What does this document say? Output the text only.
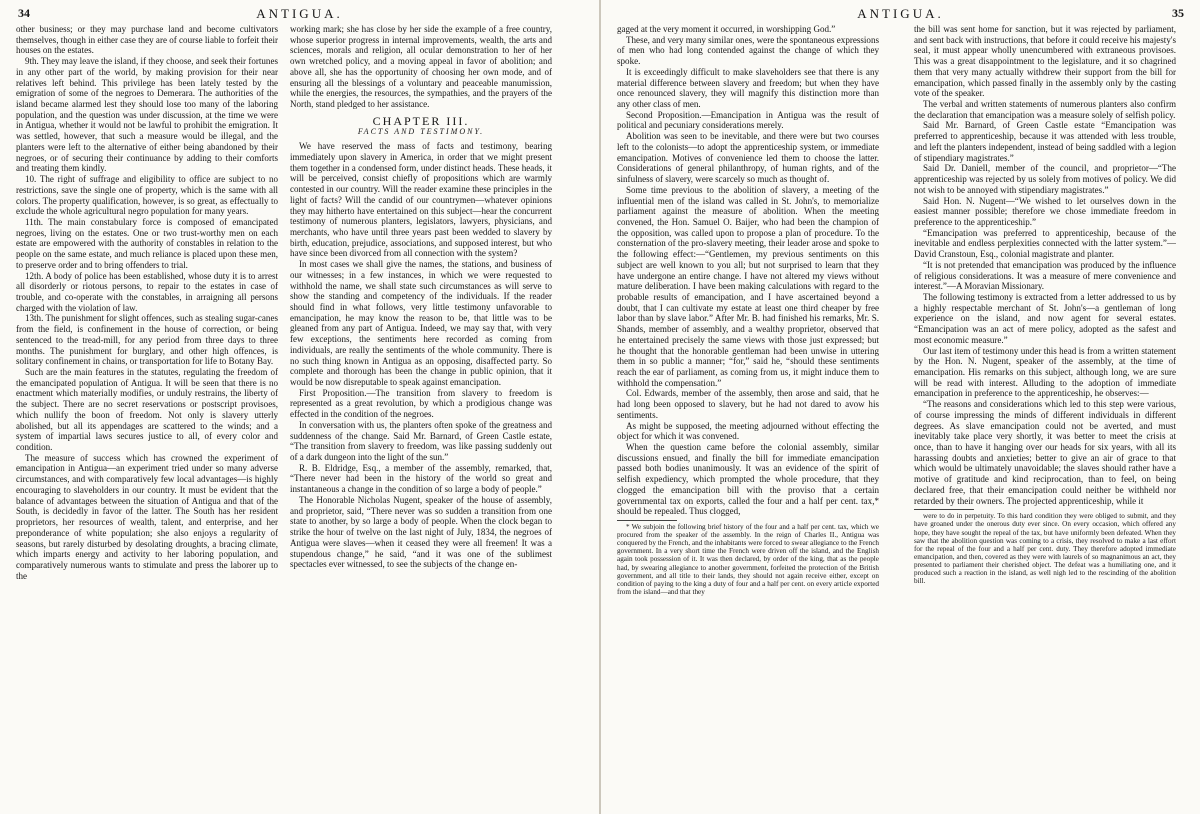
34	ANTIGUA.

other business; or they may purchase land and become cultivators themselves, though in either case they are of course liable to forfeit their houses on the estates.

9th. They may leave the island, if they choose, and seek their fortunes in any other part of the world, by making provision for their near relatives left behind. This privilege has been lately tested by the emigration of some of the negroes to Demerara. The authorities of the island became alarmed lest they should lose too many of the laboring population, and the question was under discussion, at the time we were in Antigua, whether it would not be lawful to prohibit the emigration. It was settled, however, that such a measure would be illegal, and the planters were left to the alternative of either being abandoned by their negroes, or of securing their continuance by adding to their comforts and treating them kindly.

10. The right of suffrage and eligibility to office are subject to no restrictions, save the single one of property, which is the same with all colors. The property qualification, however, is so great, as effectually to exclude the whole agricultural negro population for many years.

11th. The main constabulary force is composed of emancipated negroes, living on the estates. One or two trust-worthy men on each estate are empowered with the authority of constables in relation to the people on the same estate, and much reliance is placed upon these men, to preserve order and to bring offenders to trial.

12th. A body of police has been established, whose duty it is to arrest all disorderly or riotous persons, to repair to the estates in case of trouble, and co-operate with the constables, in arraigning all persons charged with the violation of law.

13th. The punishment for slight offences, such as stealing sugar-canes from the field, is confinement in the house of correction, or being sentenced to the tread-mill, for any period from three days to three months. The punishment for burglary, and other high offences, is solitary confinement in chains, or transportation for life to Botany Bay.

Such are the main features in the statutes, regulating the freedom of the emancipated population of Antigua. It will be seen that there is no enactment which materially modifies, or unduly restrains, the liberty of the subject. There are no secret reservations or postscript provisoes, which nullify the boon of freedom. Not only is slavery utterly abolished, but all its appendages are scattered to the winds; and a system of impartial laws secures justice to all, of every color and condition.

The measure of success which has crowned the experiment of emancipation in Antigua—an experiment tried under so many adverse circumstances, and with comparatively few local advantages—is highly encouraging to slaveholders in our country. It must be evident that the balance of advantages between the situation of Antigua and that of the South, is decidedly in favor of the latter. The South has her resident proprietors, her resources of wealth, talent, and enterprise, and her preponderance of white population; she also enjoys a regularity of seasons, but rarely disturbed by desolating droughts, a bracing climate, which imparts energy and activity to her laboring population, and comparatively numerous wants to stimulate and press the laborer up to the

working mark; she has close by her side the example of a free country, whose superior progress in internal improvements, wealth, the arts and sciences, morals and religion, all ocular demonstration to her of her own wretched policy, and a moving appeal in favor of abolition; and above all, she has the opportunity of choosing her own mode, and of ensuring all the blessings of a voluntary and peaceable manumission, while the energies, the resources, the sympathies, and the prayers of the North, stand pledged to her assistance.

CHAPTER III.
FACTS AND TESTIMONY.

We have reserved the mass of facts and testimony, bearing immediately upon slavery in America, in order that we might present them together in a condensed form, under distinct heads. These heads, it will be perceived, consist chiefly of propositions which are warmly contested in our country. Will the reader examine these principles in the light of facts? Will the candid of our countrymen—whatever opinions they may hitherto have entertained on this subject—hear the concurrent testimony of numerous planters, legislators, lawyers, physicians, and merchants, who have until three years past been wedded to slavery by birth, education, prejudice, associations, and supposed interest, but who have since been divorced from all connection with the system?

In most cases we shall give the names, the stations, and business of our witnesses; in a few instances, in which we were requested to withhold the name, we shall state such circumstances as will serve to show the standing and competency of the individuals. If the reader should find in what follows, very little testimony unfavorable to emancipation, he may know the reason to be, that little was to be gleaned from any part of Antigua. Indeed, we may say that, with very few exceptions, the sentiments here recorded as coming from individuals, are really the sentiments of the whole community. There is no such thing known in Antigua as an opposing, disaffected party. So complete and thorough has been the change in public opinion, that it would be now disreputable to speak against emancipation.

First Proposition.—The transition from slavery to freedom is represented as a great revolution, by which a prodigious change was effected in the condition of the negroes.

In conversation with us, the planters often spoke of the greatness and suddenness of the change. Said Mr. Barnard, of Green Castle estate, “The transition from slavery to freedom, was like passing suddenly out of a dark dungeon into the light of the sun.”

R. B. Eldridge, Esq., a member of the assembly, remarked, that, “There never had been in the history of the world so great and instantaneous a change in the condition of so large a body of people.”

The Honorable Nicholas Nugent, speaker of the house of assembly, and proprietor, said, “There never was so sudden a transition from one state to another, by so large a body of people. When the clock began to strike the hour of twelve on the last night of July, 1834, the negroes of Antigua were slaves—when it ceased they were all freemen! It was a stupendous change,” he said, “and it was one of the sublimest spectacles ever witnessed, to see the subjects of the change en-

ANTIGUA.	35

gaged at the very moment it occurred, in worshipping God.”

These, and very many similar ones, were the spontaneous expressions of men who had long contended against the change of which they spoke.

It is exceedingly difficult to make slaveholders see that there is any material difference between slavery and freedom; but when they have once renounced slavery, they will magnify this distinction more than any other class of men.

Second Proposition.—Emancipation in Antigua was the result of political and pecuniary considerations merely.

Abolition was seen to be inevitable, and there were but two courses left to the colonists—to adopt the apprenticeship system, or immediate emancipation. Motives of convenience led them to choose the latter. Considerations of general philanthropy, of human rights, and of the sinfulness of slavery, were scarcely so much as thought of.

Some time previous to the abolition of slavery, a meeting of the influential men of the island was called in St. John's, to memorialize parliament against the measure of abolition. When the meeting convened, the Hon. Samuel O. Baijer, who had been the champion of the opposition, was called upon to propose a plan of procedure. To the consternation of the pro-slavery meeting, their leader arose and spoke to the following effect:—“Gentlemen, my previous sentiments on this subject are well known to you all; but not surprised to learn that they have undergone an entire change. I have not altered my views without mature deliberation. I have been making calculations with regard to the probable results of emancipation, and I have ascertained beyond a doubt, that I can cultivate my estate at least one third cheaper by free labor than by slave labor.” After Mr. B. had finished his remarks, Mr. S. Shands, member of assembly, and a wealthy proprietor, observed that he entertained precisely the same views with those just expressed; but he thought that the honorable gentleman had been unwise in uttering them in so public a manner; “for,” said he, “should these sentiments reach the ear of parliament, as coming from us, it might induce them to withhold the compensation.”

Col. Edwards, member of the assembly, then arose and said, that he had long been opposed to slavery, but he had not dared to avow his sentiments.

As might be supposed, the meeting adjourned without effecting the object for which it was convened.

When the question came before the colonial assembly, similar discussions ensued, and finally the bill for immediate emancipation passed both bodies unanimously. It was an evidence of the spirit of selfish expediency, which prompted the whole procedure, that they clogged the emancipation bill with the proviso that a certain governmental tax on exports, called the four and a half per cent. tax,* should be repealed. Thus clogged,

* We subjoin the following brief history of the four and a half per cent. tax, which we procured from the speaker of the assembly. In the reign of Charles II., Antigua was conquered by the French, and the inhabitants were forced to swear allegiance to the French government. In a very short time the French were driven off the island, and the English again took possession of it. It was then declared, by order of the king, that as the people had, by swearing allegiance to another government, forfeited the protection of the British government, and all title to their lands, they should not again receive either, except on condition of paying to the king a duty of four and a half per cent. on every article exported from the island—and that they

the bill was sent home for sanction, but it was rejected by parliament, and sent back with instructions, that before it could receive his majesty's seal, it must appear wholly unencumbered with extraneous provisoes. This was a great disappointment to the legislature, and it so chagrined them that very many actually withdrew their support from the bill for emancipation, which passed finally in the assembly only by the casting vote of the speaker.

The verbal and written statements of numerous planters also confirm the declaration that emancipation was a measure solely of selfish policy.

Said Mr. Barnard, of Green Castle estate “Emancipation was preferred to apprenticeship, because it was attended with less trouble, and left the planters independent, instead of being saddled with a legion of stipendiary magistrates.”

Said Dr. Daniell, member of the council, and proprietor—“The apprenticeship was rejected by us solely from motives of policy. We did not wish to be annoyed with stipendiary magistrates.”

Said Hon. N. Nugent—“We wished to let ourselves down in the easiest manner possible; therefore we chose immediate freedom in preference to the apprenticeship.”

“Emancipation was preferred to apprenticeship, because of the inevitable and endless perplexities connected with the latter system.”—David Cranstoun, Esq., colonial magistrate and planter.

“It is not pretended that emancipation was produced by the influence of religious considerations. It was a measure of mere convenience and interest.”—A Moravian Missionary.

The following testimony is extracted from a letter addressed to us by a highly respectable merchant of St. John's—a gentleman of long experience on the island, and now agent for several estates. “Emancipation was an act of mere policy, adopted as the safest and most economic measure.”

Our last item of testimony under this head is from a written statement by the Hon. N. Nugent, speaker of the assembly, at the time of emancipation. His remarks on this subject, although long, we are sure will be read with interest. Alluding to the adoption of immediate emancipation in preference to the apprenticeship, he observes:—

“The reasons and considerations which led to this step were various, of course impressing the minds of different individuals in different degrees. As slave emancipation could not be averted, and must inevitably take place very shortly, it was better to meet the crisis at once, than to have it hanging over our heads for six years, with all its harassing doubts and anxieties; better to give an air of grace to that which would be ultimately unavoidable; the slaves should rather have a motive of gratitude and kind reciprocation, than to feel, on being declared free, that their emancipation could neither be withheld nor retarded by their owners. The projected apprenticeship, while it

were to do in perpetuity. To this hard condition they were obliged to submit, and they have groaned under the onerous duty ever since. On every occasion, which offered any hope, they have sought the repeal of the tax, but have uniformly been defeated. When they saw that the abolition question was coming to a crisis, they resolved to make a last effort for the repeal of the four and a half per cent. duty. They therefore adopted immediate emancipation, and then, covered as they were with laurels of so magnanimous an act, they presented to parliament their cherished object. The defeat was a humiliating one, and it produced such a reaction in the island, as well nigh led to the rescinding of the abolition bill.
